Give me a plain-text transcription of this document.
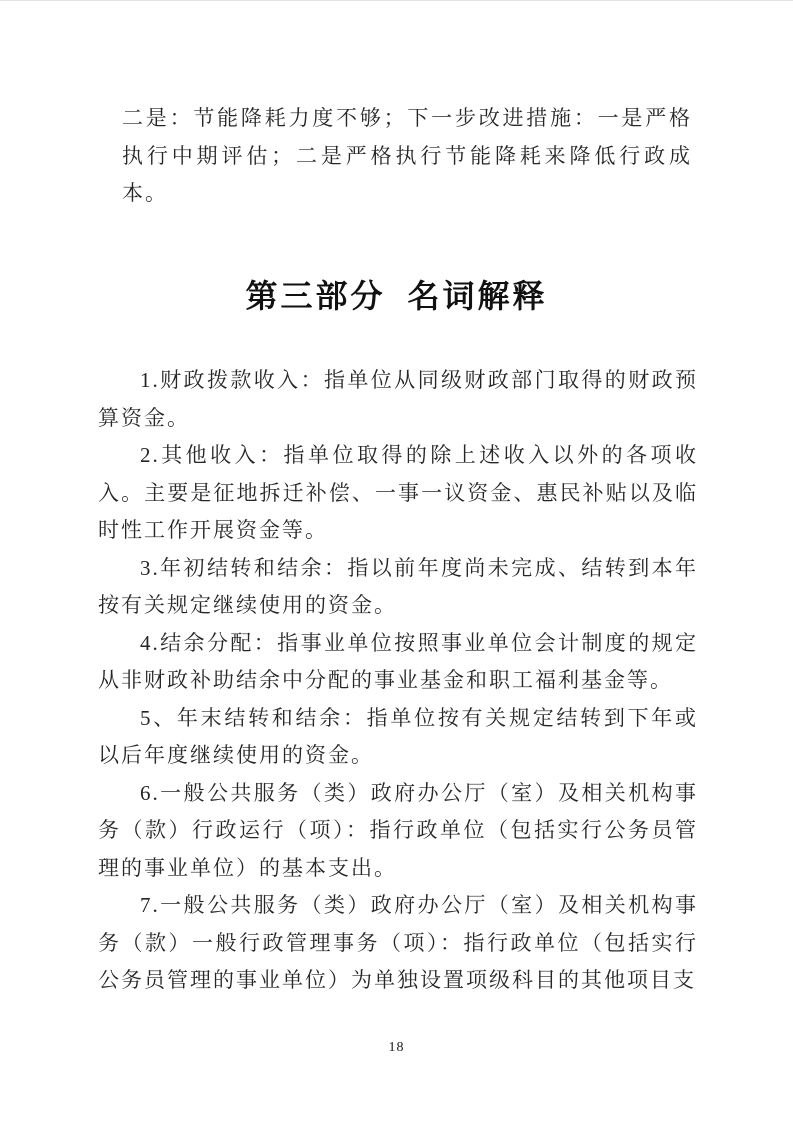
二是：节能降耗力度不够；下一步改进措施：一是严格执行中期评估；二是严格执行节能降耗来降低行政成本。
第三部分 名词解释

1.财政拨款收入：指单位从同级财政部门取得的财政预算资金。

2.其他收入：指单位取得的除上述收入以外的各项收入。主要是征地拆迁补偿、一事一议资金、惠民补贴以及临时性工作开展资金等。

3.年初结转和结余：指以前年度尚未完成、结转到本年按有关规定继续使用的资金。

4.结余分配：指事业单位按照事业单位会计制度的规定从非财政补助结余中分配的事业基金和职工福利基金等。

5、年末结转和结余：指单位按有关规定结转到下年或以后年度继续使用的资金。

6.一般公共服务（类）政府办公厅（室）及相关机构事务（款）行政运行（项）：指行政单位（包括实行公务员管理的事业单位）的基本支出。

7.一般公共服务（类）政府办公厅（室）及相关机构事务（款）一般行政管理事务（项）：指行政单位（包括实行公务员管理的事业单位）为单独设置项级科目的其他项目支

18
